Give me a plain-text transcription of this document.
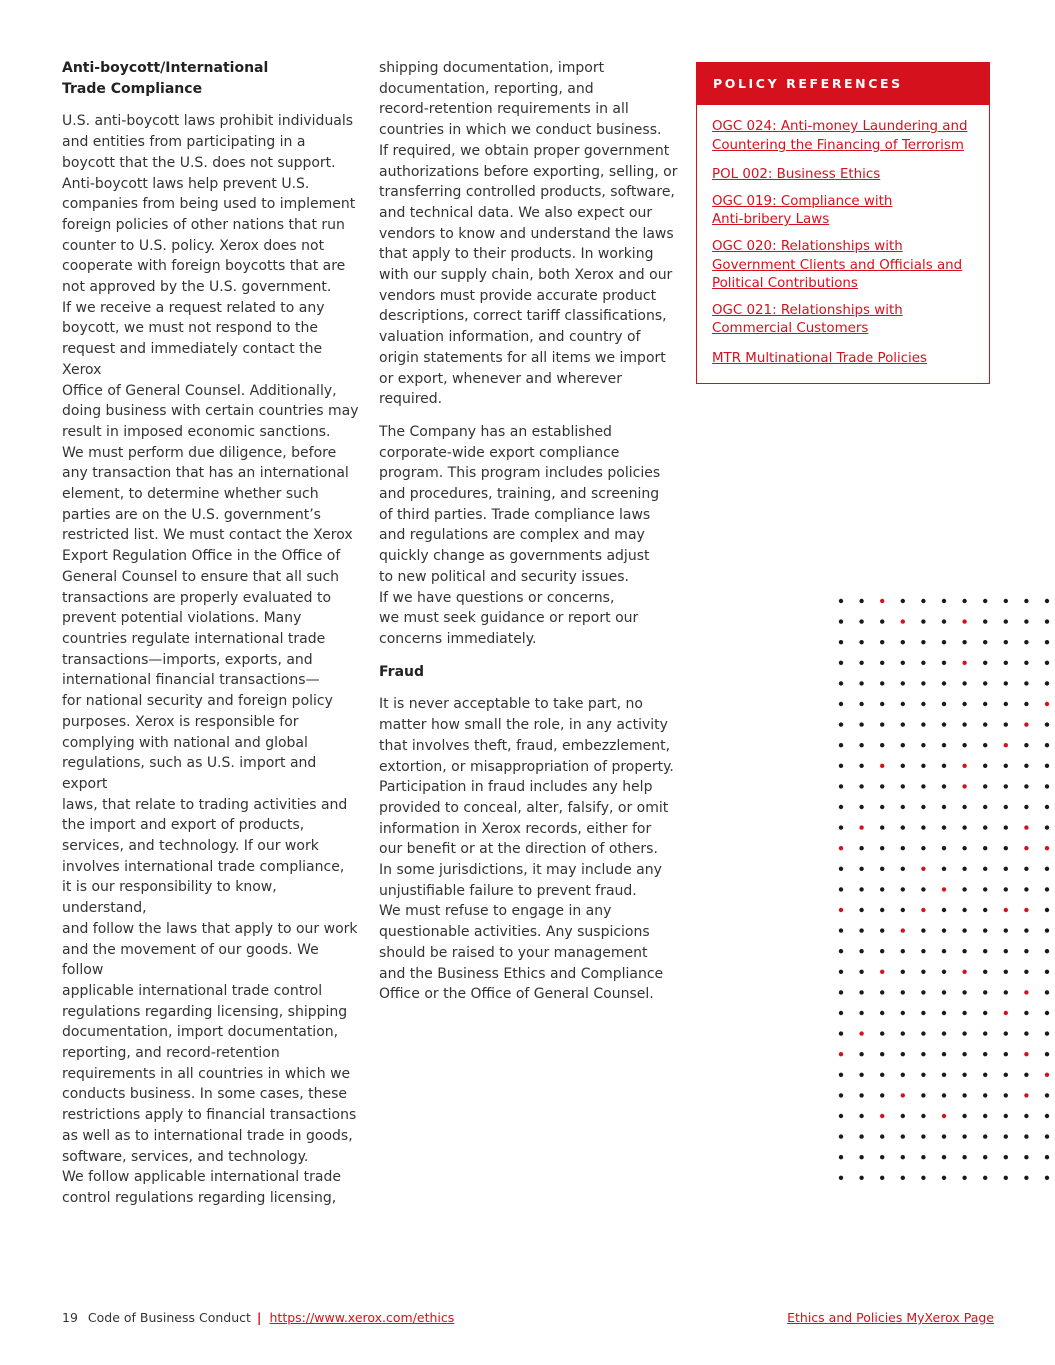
Anti-boycott/International
Trade Compliance

U.S. anti-boycott laws prohibit individuals
and entities from participating in a
boycott that the U.S. does not support.
Anti-boycott laws help prevent U.S.
companies from being used to implement
foreign policies of other nations that run
counter to U.S. policy. Xerox does not
cooperate with foreign boycotts that are
not approved by the U.S. government.
If we receive a request related to any
boycott, we must not respond to the
request and immediately contact the Xerox
Office of General Counsel. Additionally,
doing business with certain countries may
result in imposed economic sanctions.
We must perform due diligence, before
any transaction that has an international
element, to determine whether such
parties are on the U.S. government’s
restricted list. We must contact the Xerox
Export Regulation Office in the Office of
General Counsel to ensure that all such
transactions are properly evaluated to
prevent potential violations. Many
countries regulate international trade
transactions—imports, exports, and
international financial transactions—
for national security and foreign policy
purposes. Xerox is responsible for
complying with national and global
regulations, such as U.S. import and export
laws, that relate to trading activities and
the import and export of products,
services, and technology. If our work
involves international trade compliance,
it is our responsibility to know, understand,
and follow the laws that apply to our work
and the movement of our goods. We follow
applicable international trade control
regulations regarding licensing, shipping
documentation, import documentation,
reporting, and record-retention
requirements in all countries in which we
conducts business. In some cases, these
restrictions apply to financial transactions
as well as to international trade in goods,
software, services, and technology.
We follow applicable international trade
control regulations regarding licensing,

shipping documentation, import
documentation, reporting, and
record-retention requirements in all
countries in which we conduct business.
If required, we obtain proper government
authorizations before exporting, selling, or
transferring controlled products, software,
and technical data. We also expect our
vendors to know and understand the laws
that apply to their products. In working
with our supply chain, both Xerox and our
vendors must provide accurate product
descriptions, correct tariff classifications,
valuation information, and country of
origin statements for all items we import
or export, whenever and wherever required.

The Company has an established
corporate-wide export compliance
program. This program includes policies
and procedures, training, and screening
of third parties. Trade compliance laws
and regulations are complex and may
quickly change as governments adjust
to new political and security issues.
If we have questions or concerns,
we must seek guidance or report our
concerns immediately.

Fraud

It is never acceptable to take part, no
matter how small the role, in any activity
that involves theft, fraud, embezzlement,
extortion, or misappropriation of property.
Participation in fraud includes any help
provided to conceal, alter, falsify, or omit
information in Xerox records, either for
our benefit or at the direction of others.
In some jurisdictions, it may include any
unjustifiable failure to prevent fraud.
We must refuse to engage in any
questionable activities. Any suspicions
should be raised to your management
and the Business Ethics and Compliance
Office or the Office of General Counsel.

POLICY REFERENCES
OGC 024: Anti-money Laundering and
Countering the Financing of Terrorism
POL 002: Business Ethics
OGC 019: Compliance with
Anti-bribery Laws
OGC 020: Relationships with
Government Clients and Officials and
Political Contributions
OGC 021: Relationships with
Commercial Customers
MTR Multinational Trade Policies
19 Code of Business Conduct | https://www.xerox.com/ethics	Ethics and Policies MyXerox Page
